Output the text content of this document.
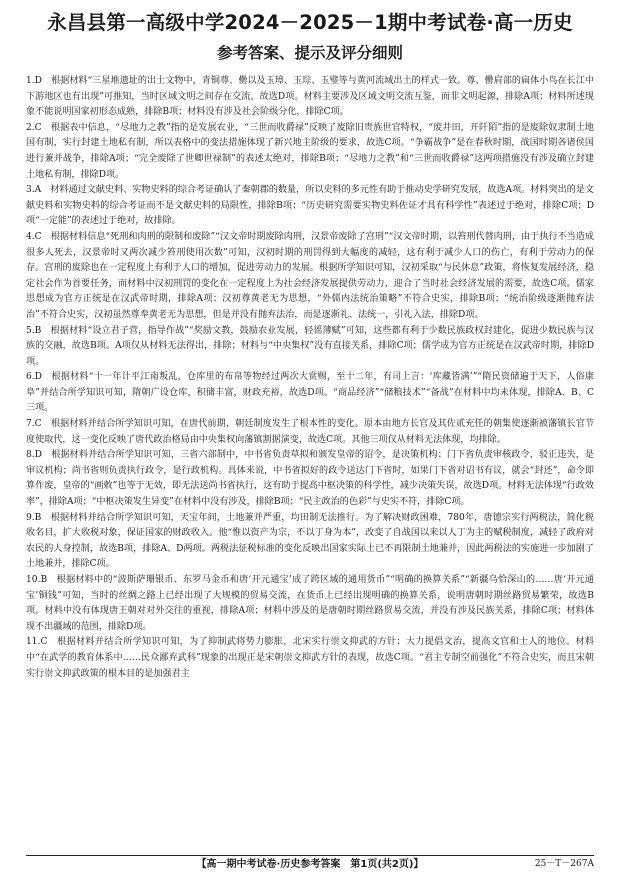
永昌县第一高级中学2024－2025－1期中考试卷·高一历史
参考答案、提示及评分细则

1.D　根据材料“三星堆遗址的出土文物中，青铜尊、罍以及玉璋、玉琮、玉璧等与黄河流域出土的样式一致。尊、罍肩部的扁体小鸟在长江中下游地区也有出现”可推知，当时区域文明之间存在交流，故选D项。材料主要涉及区域文明交流互鉴，而非文明起源，排除A项；材料所述现象不能说明国家初形态成熟，排除B项；材料没有涉及社会阶级分化，排除C项。

2.C　根据表中信息，“尽地力之教”指的是发展农业，“三世而收爵禄”反映了废除旧贵族世官特权，“废井田，开阡陌”指的是废除奴隶制土地国有制，实行封建土地私有制，所以表格中的变法措施体现了新兴地主阶级的要求，故选C项。“争霸战争”是在春秋时期，战国时期各诸侯国进行兼并战争，排除A项；“完全废除了世卿世禄制”的表述太绝对，排除B项；“尽地力之教”和“三世而收爵禄”这两项措施没有涉及确立封建土地私有制，排除D项。

3.A　材料通过文献史料、实物史料的综合考证确认了秦朝郡的数量，所以史料的多元性有助于推动史学研究发展，故选A项。材料突出的是文献史料和实物史料的综合考证而不是文献史料的局限性，排除B项；“历史研究需要实物史料佐证才具有科学性”表述过于绝对，排除C项；D项“一定能”的表述过于绝对，故排除。

4.C　根据材料信息“死刑和肉刑的限制和废除”“汉文帝时期废除肉刑，汉景帝废除了宫刑”“汉文帝时期，以笞刑代替肉刑，由于执行不当造成很多人死去，汉景帝时又两次减少笞刑使用次数”可知，汉初时期的刑罚得到大幅度的减轻，这有利于减少人口的伤亡，有利于劳动力的保存。宫刑的废除也在一定程度上有利于人口的增加，促进劳动力的发展。根据所学知识可知，汉初采取“与民休息”政策，将恢复发展经济，稳定社会作为首要任务，而材料中汉初刑罚的变化在一定程度上为社会经济发展提供劳动力，迎合了当时社会经济发展的需要，故选C项。儒家思想成为官方正统是在汉武帝时期，排除A项；汉初尊黄老无为思想，“外儒内法统治策略”不符合史实，排除B项；“统治阶级逐渐抛弃法治”不符合史实，汉初虽然尊奉黄老无为思想，但是并没有抛弃法治，而是逐渐礼、法统一，引礼入法，排除D项。

5.B　根据材料“设立君子营，指导作战”“奖励文教，鼓励农业发展，轻徭薄赋”可知，这些都有利于少数民族政权封建化，促进少数民族与汉族的交融，故选B项。A项仅从材料无法得出，排除；材料与“中央集权”没有直接关系，排除C项；儒学成为官方正统是在汉武帝时期，排除D项。

6.D　根据材料“十一年计平江南叛乱，仓库里的布帛等物经过两次大赏赐，至十二年，有司上言：‘库藏皆满’”“隋民资储遍于天下，人俗康阜”并结合所学知识可知，隋朝广设仓库，积储丰富，财政充裕，故选D项。“商品经济”“储粮技术”“备战”在材料中均未体现，排除A、B、C三项。

7.C　根据材料并结合所学知识可知，在唐代前期，朝廷制度发生了根本性的变化。原本由地方长官及其佐贰充任的朝集使逐渐被藩镇长官节度使取代，这一变化反映了唐代政治格局由中央集权向藩镇割据演变，故选C项。其他三项仅从材料无法体现，均排除。

8.D　根据材料并结合所学知识可知，三省六部制中，中书省负责草拟和颁发皇帝的诏令，是决策机构；门下省负责审核政令，驳正违失，是审议机构；尚书省则负责执行政令，是行政机构。具体来说，中书省拟好的政令送达门下省时，如果门下省对诏书有议，就会“封还”，命令即算作废，皇帝的“画敕”也等于无效，即无法送尚书省执行，这有助于提高中枢决策的科学性，减少决策失误，故选D项。材料无法体现“行政效率”，排除A项；“中枢决策发生异变”在材料中没有涉及，排除B项；“民主政治的色彩”与史实不符，排除C项。

9.B　根据材料并结合所学知识可知，天宝年间，土地兼并严重，均田制无法推行。为了解决财政困难，780年，唐德宗实行两税法，简化税收名目，扩大收税对象，保证国家的财政收入。他“惟以资产为宗，不以丁身为本”，改变了自战国以来以人丁为主的赋税制度，减轻了政府对农民的人身控制，故选B项，排除A、D两项。两税法征税标准的变化反映出国家实际上已不再限制土地兼并，因此两税法的实施进一步加剧了土地兼并，排除C项。

10.B　根据材料中的“波斯萨珊银币、东罗马金币和唐‘开元通宝’成了跨区域的通用货币”“明确的换算关系”“新疆乌恰深山的……唐‘开元通宝’铜钱”可知，当时的丝绸之路上已经出现了大规模的贸易交流，在货币上已经出现明确的换算关系，说明唐朝时期丝路贸易繁荣，故选B项。材料中没有体现唐王朝对对外交往的重视，排除A项；材料中涉及的是唐朝时期丝路贸易交流，并没有涉及民族关系，排除C项；材料体现不出疆域的范围，排除D项。

11.C　根据材料并结合所学知识可知，为了抑制武将势力膨胀，北宋实行崇文抑武的方针；大力提倡文治，提高文官和士人的地位。材料中“在武学的教育体系中……民众鄙弃武科”现象的出现正是宋朝崇文抑武方针的表现，故选C项。“君主专制空前强化”不符合史实，而且宋朝实行崇文抑武政策的根本目的是加强君主

【高一期中考试卷·历史参考答案　第1页(共2页)】	25－T－267A
